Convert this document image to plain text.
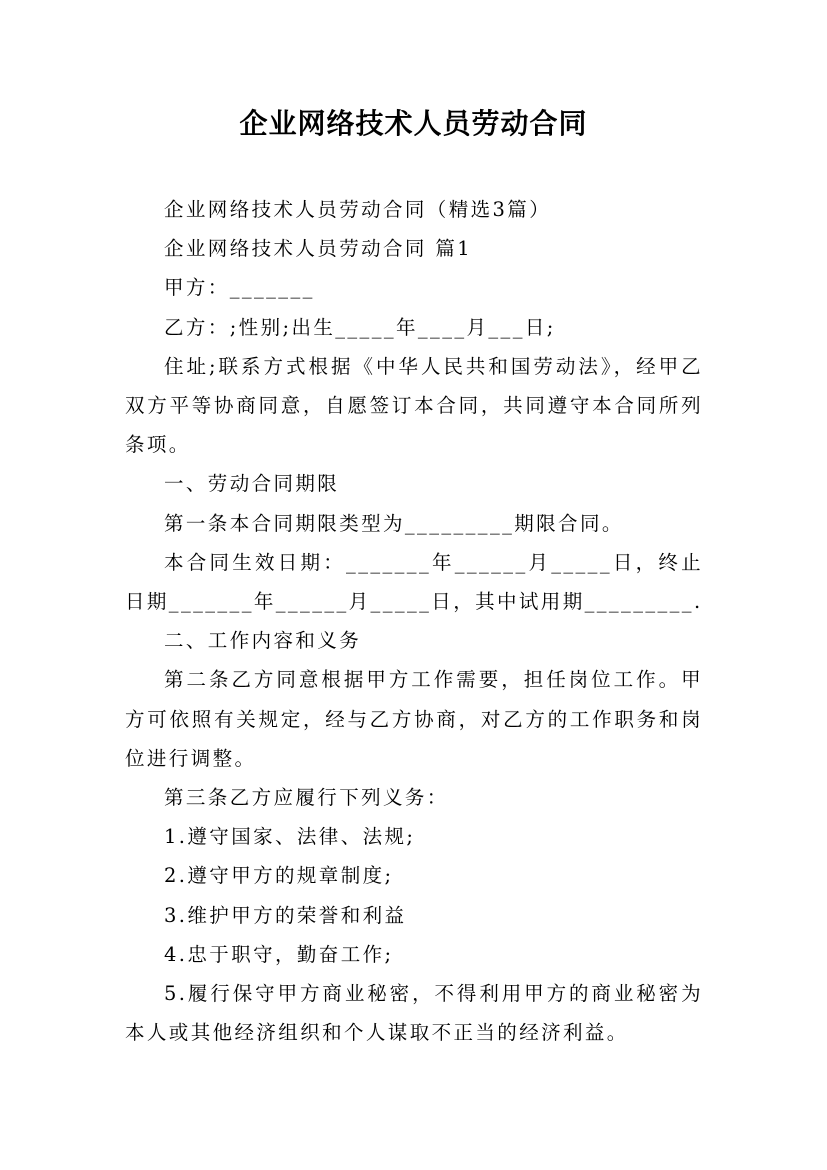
企业网络技术人员劳动合同

企业网络技术人员劳动合同（精选3篇）

企业网络技术人员劳动合同 篇1

甲方：_______

乙方：;性别;出生_____年____月___日;

住址;联系方式根据《中华人民共和国劳动法》，经甲乙双方平等协商同意，自愿签订本合同，共同遵守本合同所列条项。

一、劳动合同期限

第一条本合同期限类型为_________期限合同。

本合同生效日期：_______年______月_____日，终止日期_______年______月_____日，其中试用期_________.

二、工作内容和义务

第二条乙方同意根据甲方工作需要，担任岗位工作。甲方可依照有关规定，经与乙方协商，对乙方的工作职务和岗位进行调整。

第三条乙方应履行下列义务：

1.遵守国家、法律、法规;

2.遵守甲方的规章制度;

3.维护甲方的荣誉和利益

4.忠于职守，勤奋工作;

5.履行保守甲方商业秘密，不得利用甲方的商业秘密为本人或其他经济组织和个人谋取不正当的经济利益。
